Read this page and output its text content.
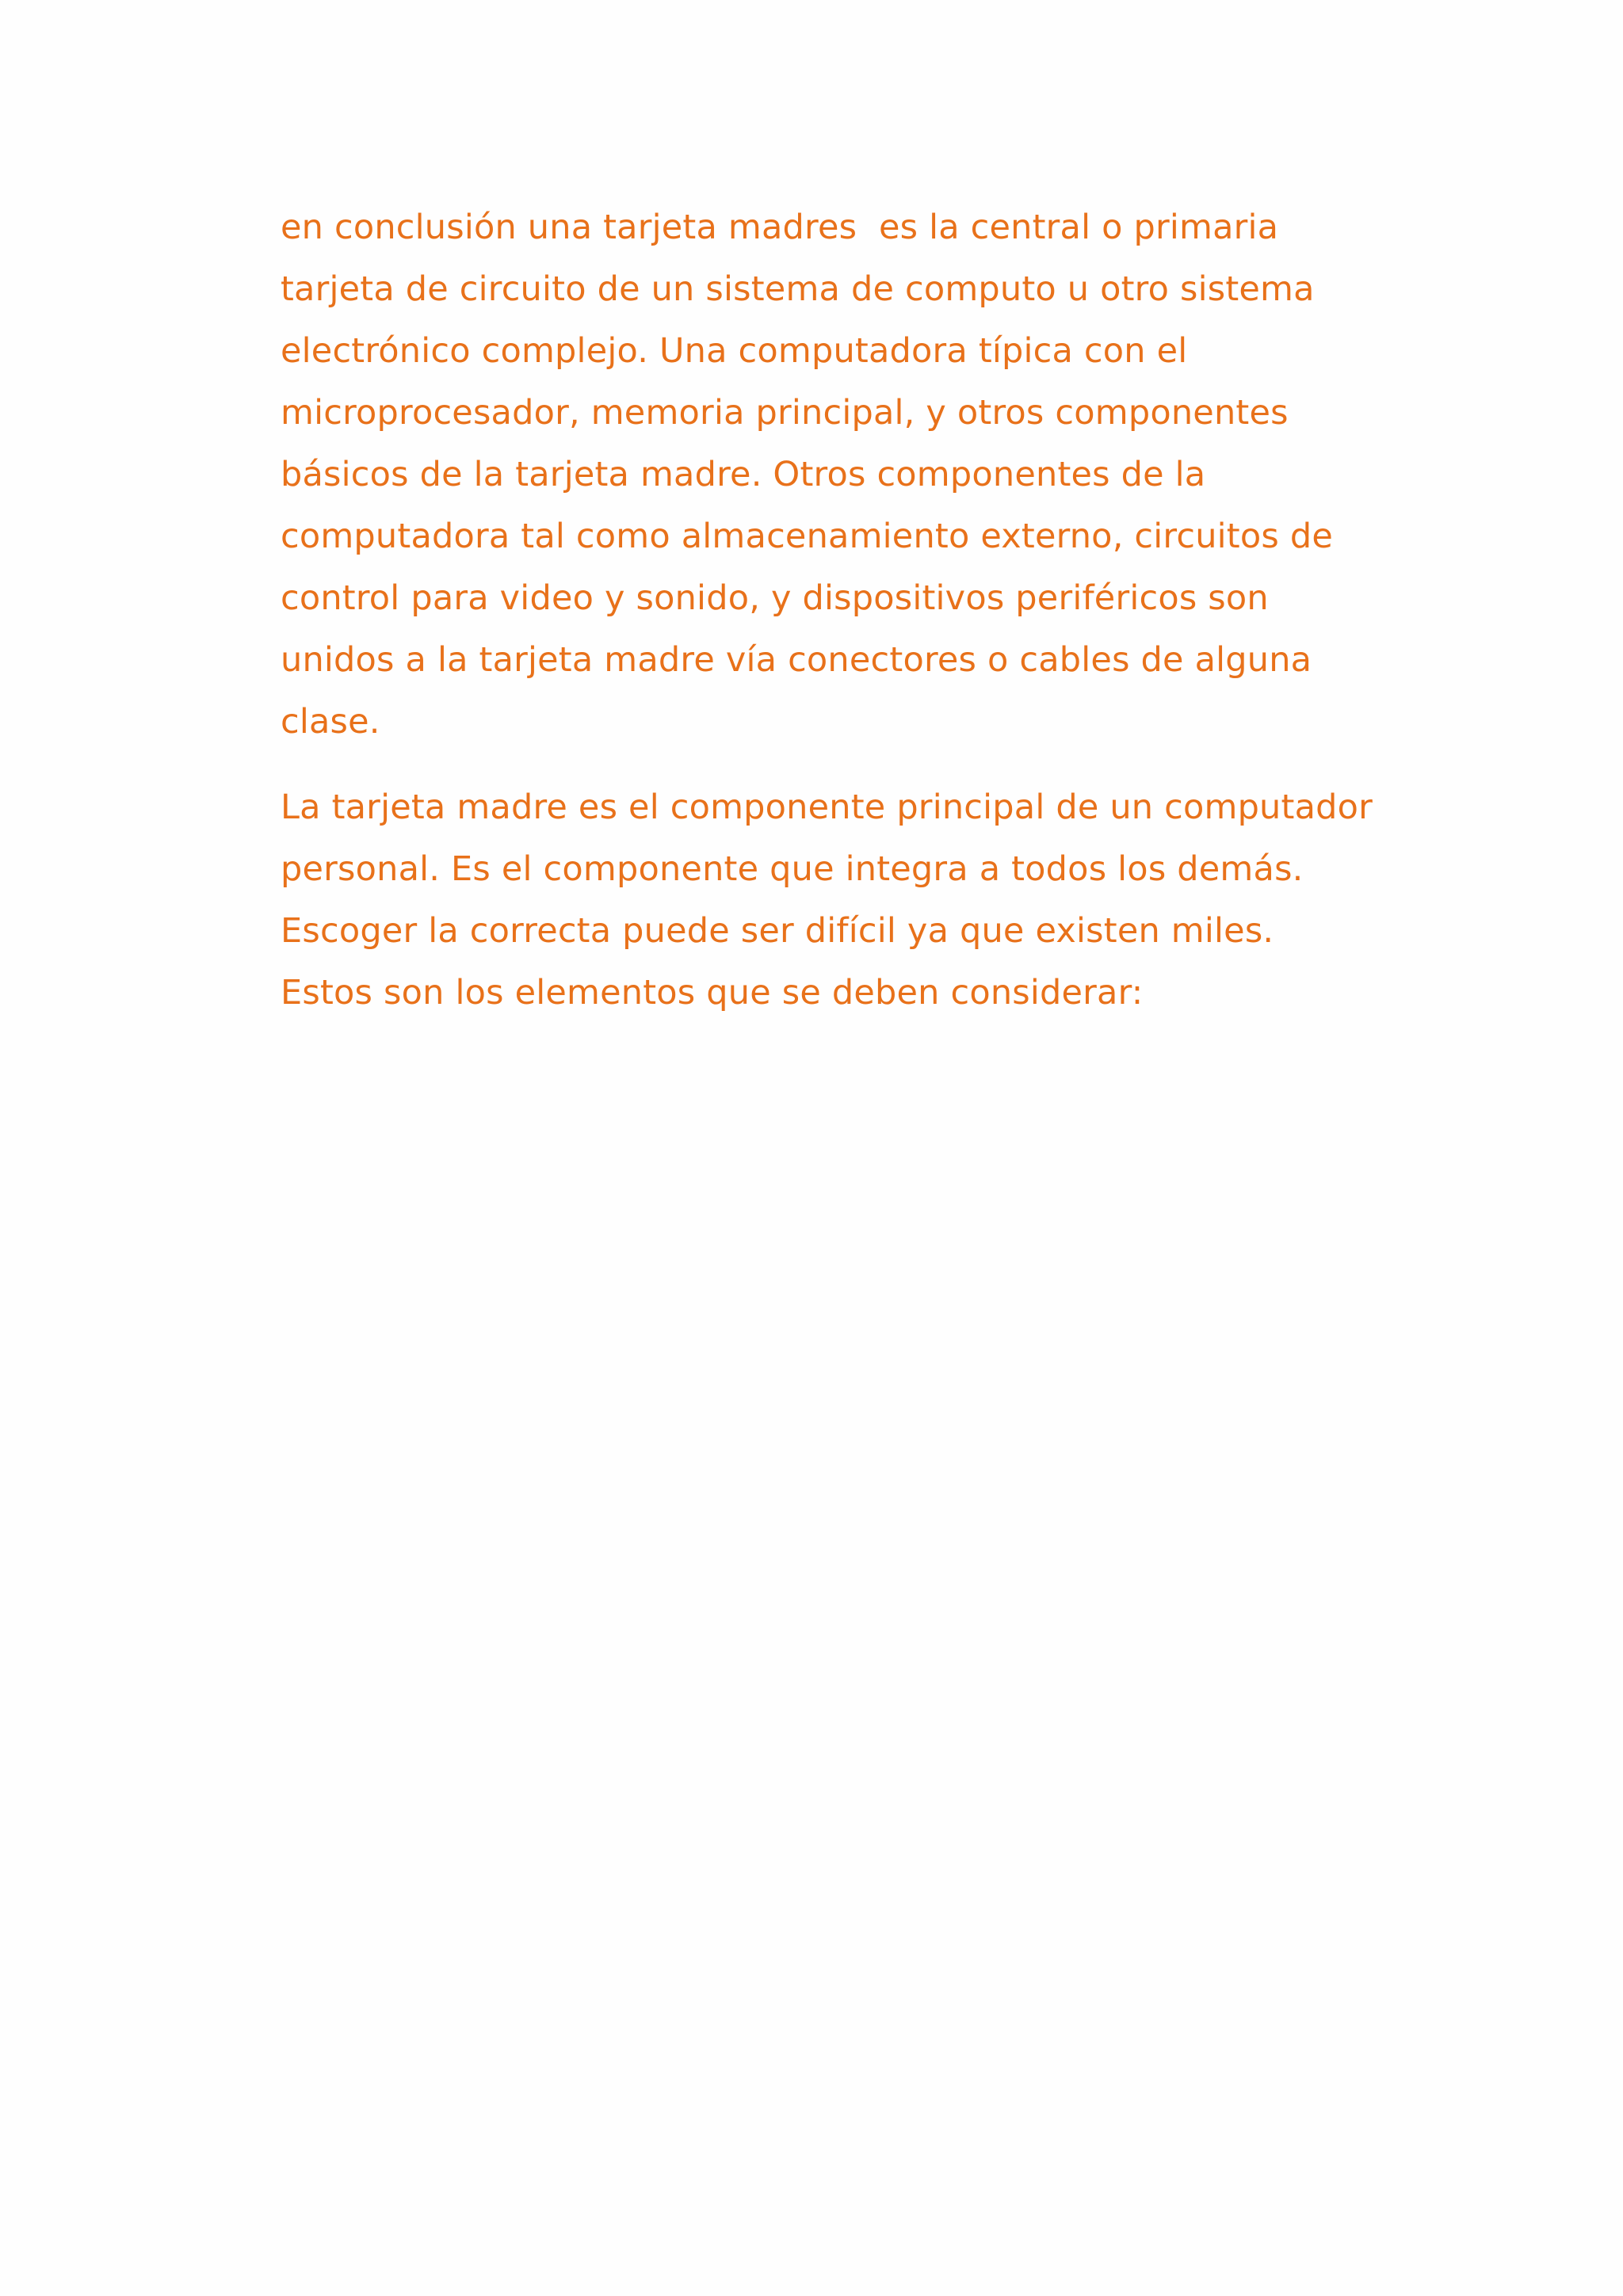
en conclusión una tarjeta madres  es la central o primaria
tarjeta de circuito de un sistema de computo u otro sistema
electrónico complejo. Una computadora típica con el
microprocesador, memoria principal, y otros componentes
básicos de la tarjeta madre. Otros componentes de la
computadora tal como almacenamiento externo, circuitos de
control para video y sonido, y dispositivos periféricos son
unidos a la tarjeta madre vía conectores o cables de alguna
clase.

La tarjeta madre es el componente principal de un computador
personal. Es el componente que integra a todos los demás.
Escoger la correcta puede ser difícil ya que existen miles.
Estos son los elementos que se deben considerar:
